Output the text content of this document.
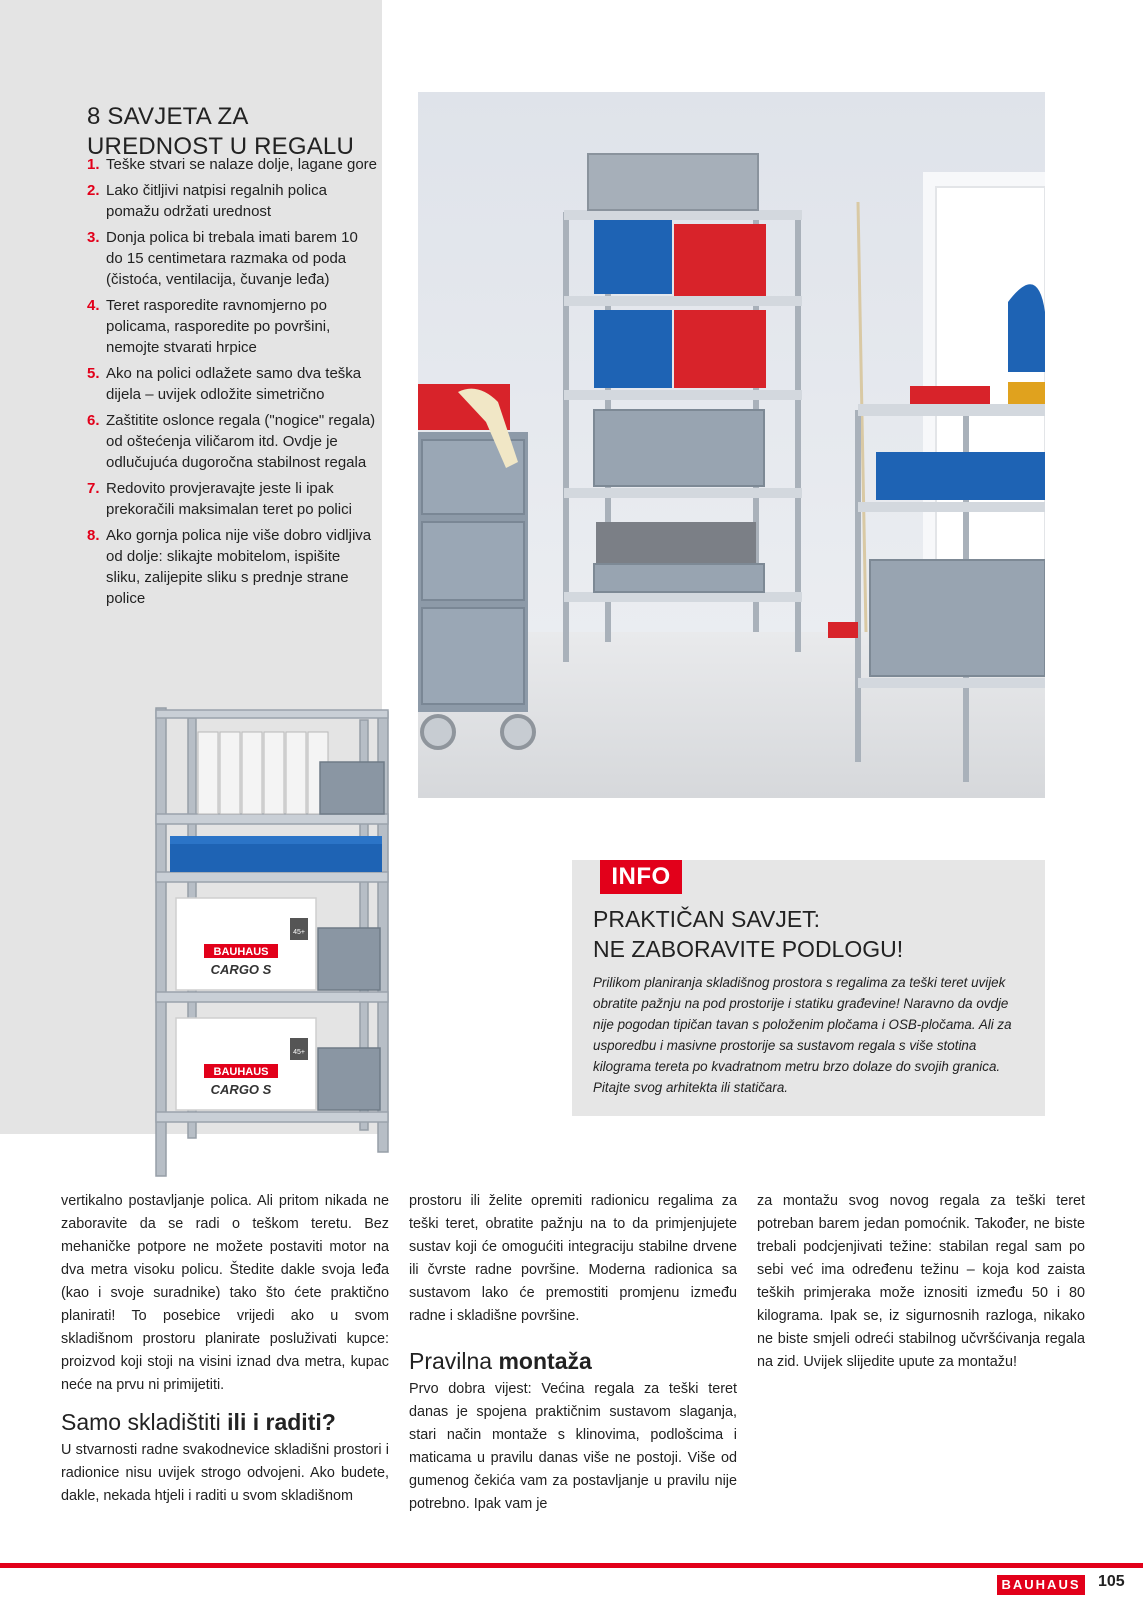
8 SAVJETA ZA UREDNOST U REGALU
1. Teške stvari se nalaze dolje, lagane gore
2. Lako čitljivi natpisi regalnih polica pomažu održati urednost
3. Donja polica bi trebala imati barem 10 do 15 centimetara razmaka od poda (čistoća, ventilacija, čuvanje leđa)
4. Teret rasporedite ravnomjerno po policama, rasporedite po površini, nemojte stvarati hrpice
5. Ako na polici odlažete samo dva teška dijela – uvijek odložite simetrično
6. Zaštitite oslonce regala ("nogice" regala) od oštećenja viličarom itd. Ovdje je odlučujuća dugoročna stabilnost regala
7. Redovito provjeravajte jeste li ipak prekoračili maksimalan teret po polici
8. Ako gornja polica nije više dobro vidljiva od dolje: slikajte mobitelom, ispišite sliku, zalijepite sliku s prednje strane police
BAUHAUS
CARGO S
45+
BAUHAUS
CARGO S
45+
INFO
PRAKTIČAN SAVJET:
NE ZABORAVITE PODLOGU!
Prilikom planiranja skladišnog prostora s regalima za teški teret uvijek obratite pažnju na pod prostorije i statiku građevine! Naravno da ovdje nije pogodan tipičan tavan s položenim pločama i OSB-pločama. Ali za usporedbu i masivne prostorije sa sustavom regala s više stotina kilograma tereta po kvadratnom metru brzo dolaze do svojih granica. Pitajte svog arhitekta ili statičara.

vertikalno postavljanje polica. Ali pritom nikada ne zaboravite da se radi o teškom teretu. Bez mehaničke potpore ne možete postaviti motor na dva metra visoku policu. Štedite dakle svoja leđa (kao i svoje suradnike) tako što ćete praktično planirati! To posebice vrijedi ako u svom skladišnom prostoru planirate posluživati kupce: proizvod koji stoji na visini iznad dva metra, kupac neće na prvu ni primijetiti.

Samo skladištiti ili i raditi?

U stvarnosti radne svakodnevice skladišni prostori i radionice nisu uvijek strogo odvojeni. Ako budete, dakle, nekada htjeli i raditi u svom skladišnom

prostoru ili želite opremiti radionicu regalima za teški teret, obratite pažnju na to da primjenjujete sustav koji će omogućiti integraciju stabilne drvene ili čvrste radne površine. Moderna radionica sa sustavom lako će premostiti promjenu između radne i skladišne površine.

Pravilna montaža

Prvo dobra vijest: Većina regala za teški teret danas je spojena praktičnim sustavom slaganja, stari način montaže s klinovima, podlošcima i maticama u pravilu danas više ne postoji. Više od gumenog čekića vam za postavljanje u pravilu nije potrebno. Ipak vam je

za montažu svog novog regala za teški teret potreban barem jedan pomoćnik. Također, ne biste trebali podcjenjivati težine: stabilan regal sam po sebi već ima određenu težinu – koja kod zaista teških primjeraka može iznositi između 50 i 80 kilograma. Ipak se, iz sigurnosnih razloga, nikako ne biste smjeli odreći stabilnog učvršćivanja regala na zid. Uvijek slijedite upute za montažu!

BAUHAUS 105
